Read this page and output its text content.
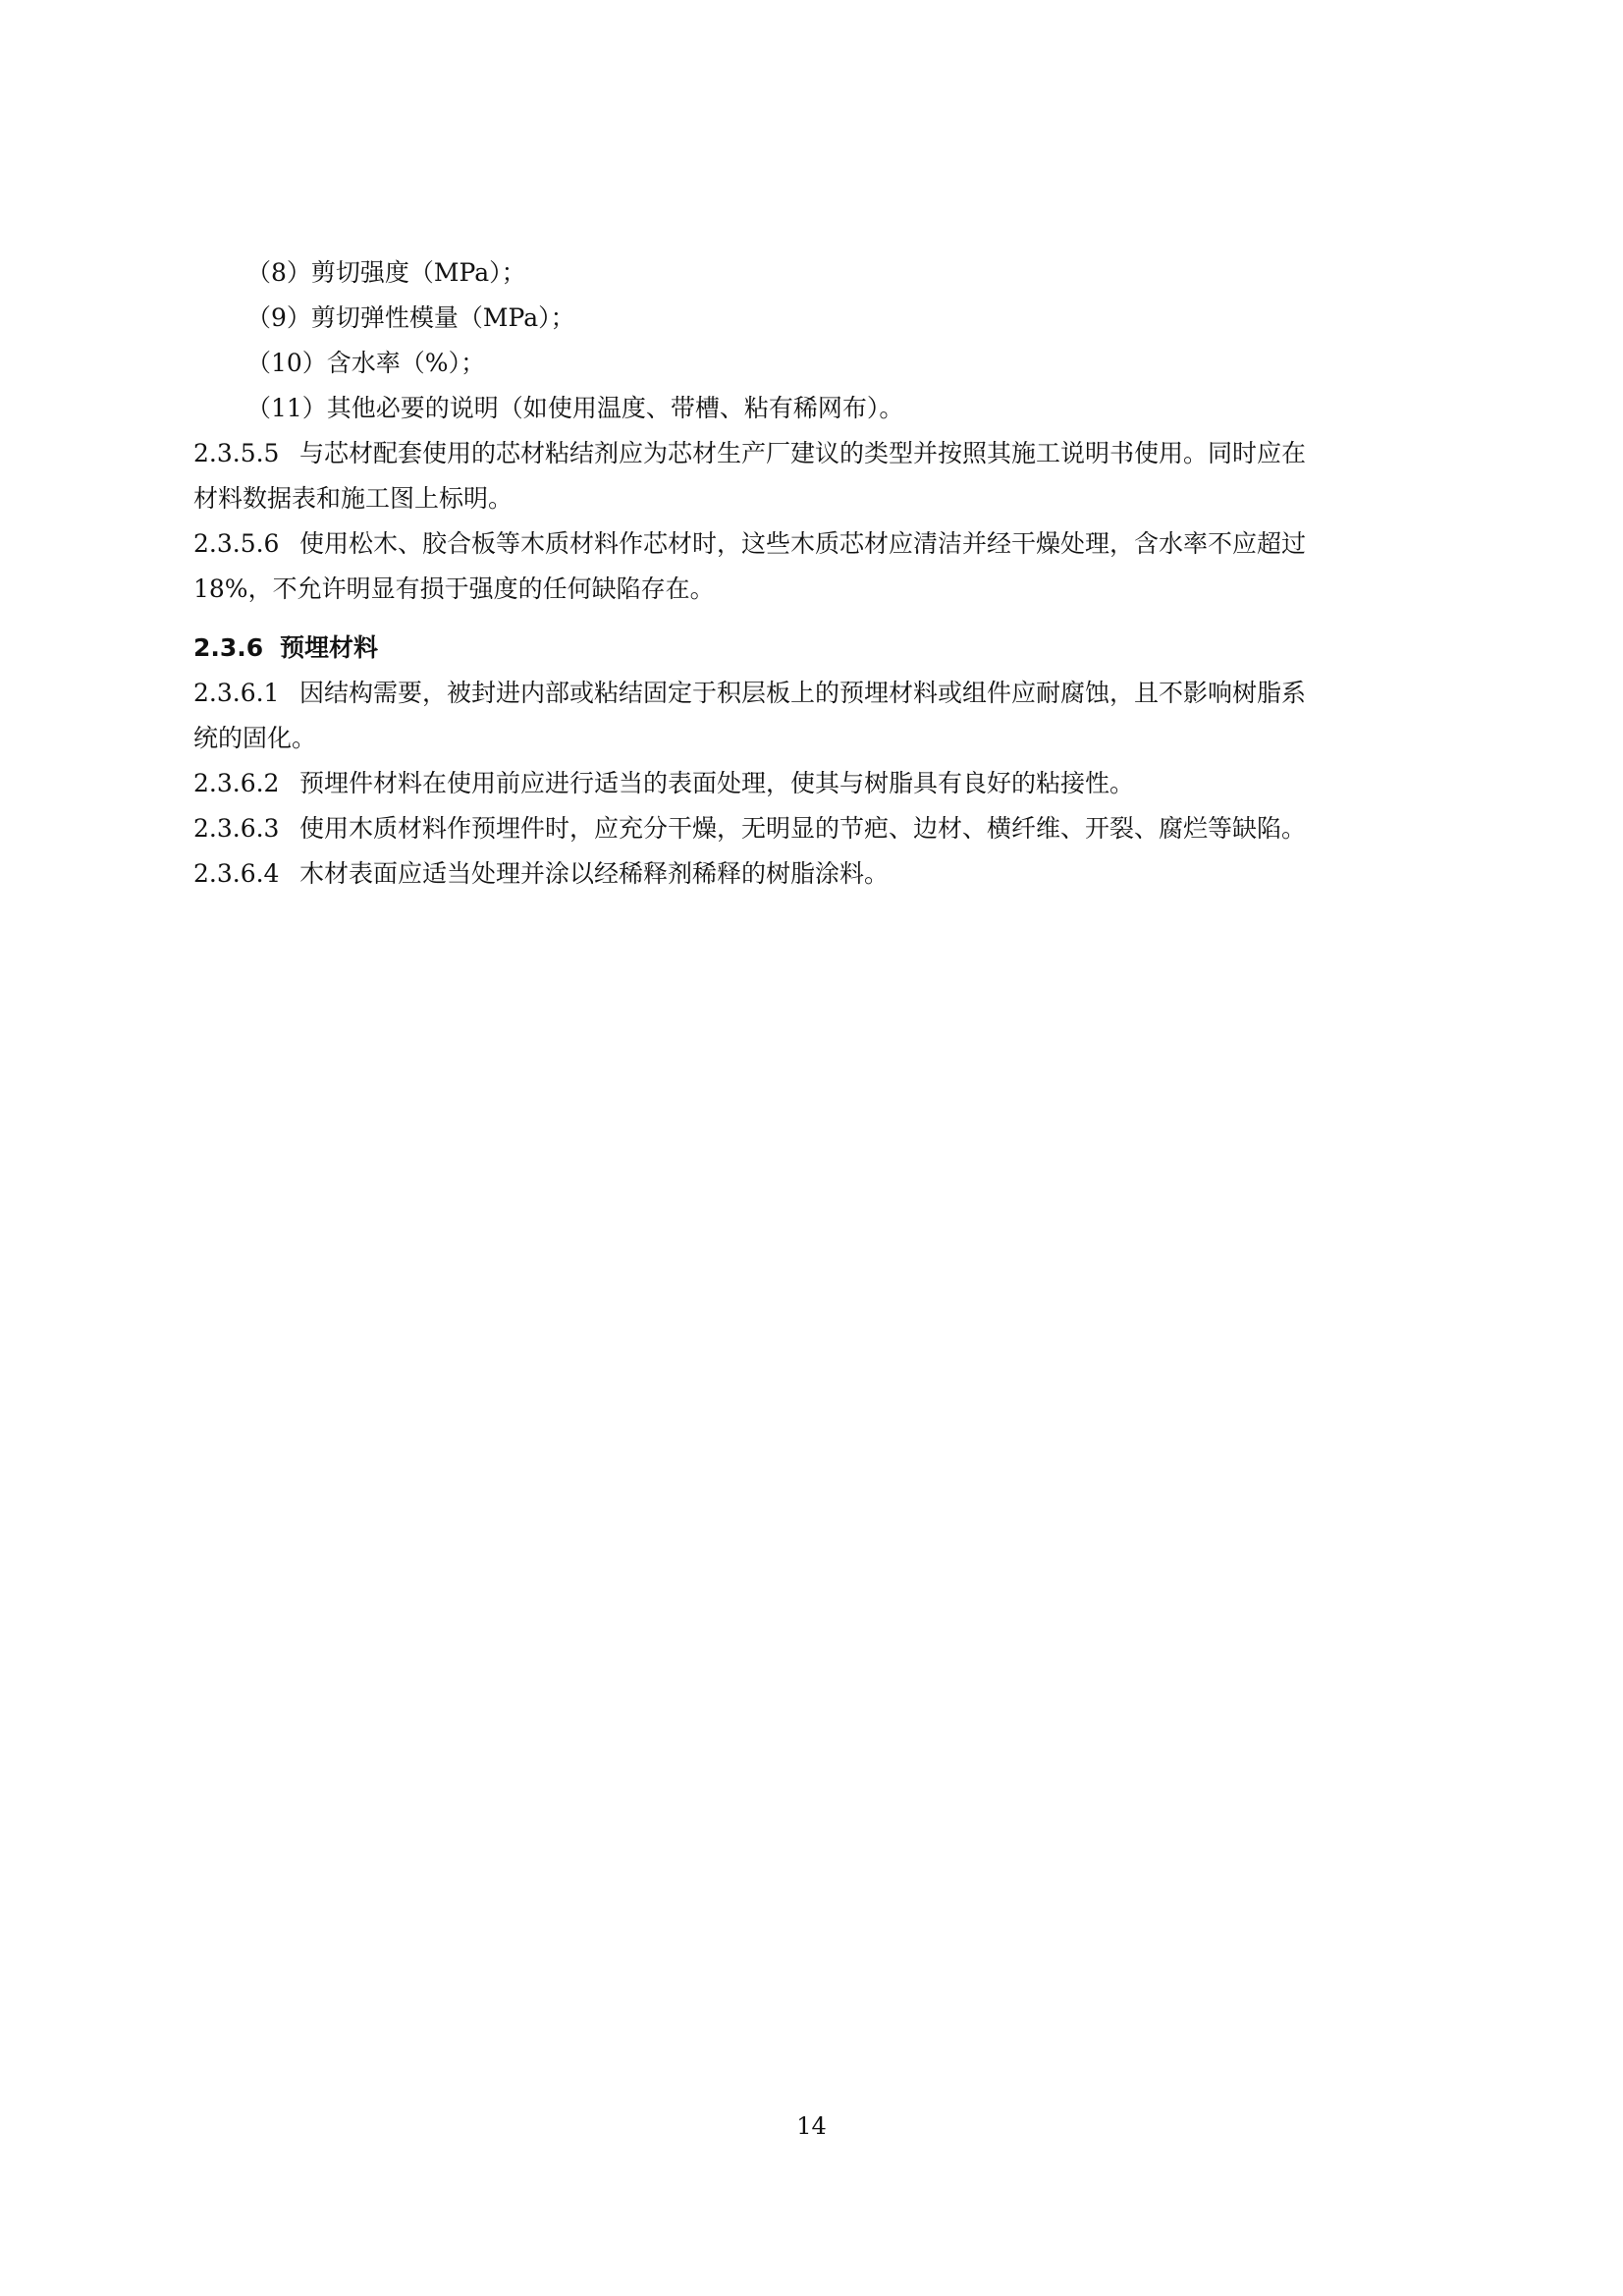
（8）剪切强度（MPa）；
（9）剪切弹性模量（MPa）；
（10）含水率（%）；
（11）其他必要的说明（如使用温度、带槽、粘有稀网布）。
2.3.5.5 与芯材配套使用的芯材粘结剂应为芯材生产厂建议的类型并按照其施工说明书使用。同时应在
材料数据表和施工图上标明。
2.3.5.6 使用松木、胶合板等木质材料作芯材时，这些木质芯材应清洁并经干燥处理，含水率不应超过
18%，不允许明显有损于强度的任何缺陷存在。
2.3.6 预埋材料
2.3.6.1 因结构需要，被封进内部或粘结固定于积层板上的预埋材料或组件应耐腐蚀，且不影响树脂系
统的固化。
2.3.6.2 预埋件材料在使用前应进行适当的表面处理，使其与树脂具有良好的粘接性。
2.3.6.3 使用木质材料作预埋件时，应充分干燥，无明显的节疤、边材、横纤维、开裂、腐烂等缺陷。
2.3.6.4 木材表面应适当处理并涂以经稀释剂稀释的树脂涂料。
14
